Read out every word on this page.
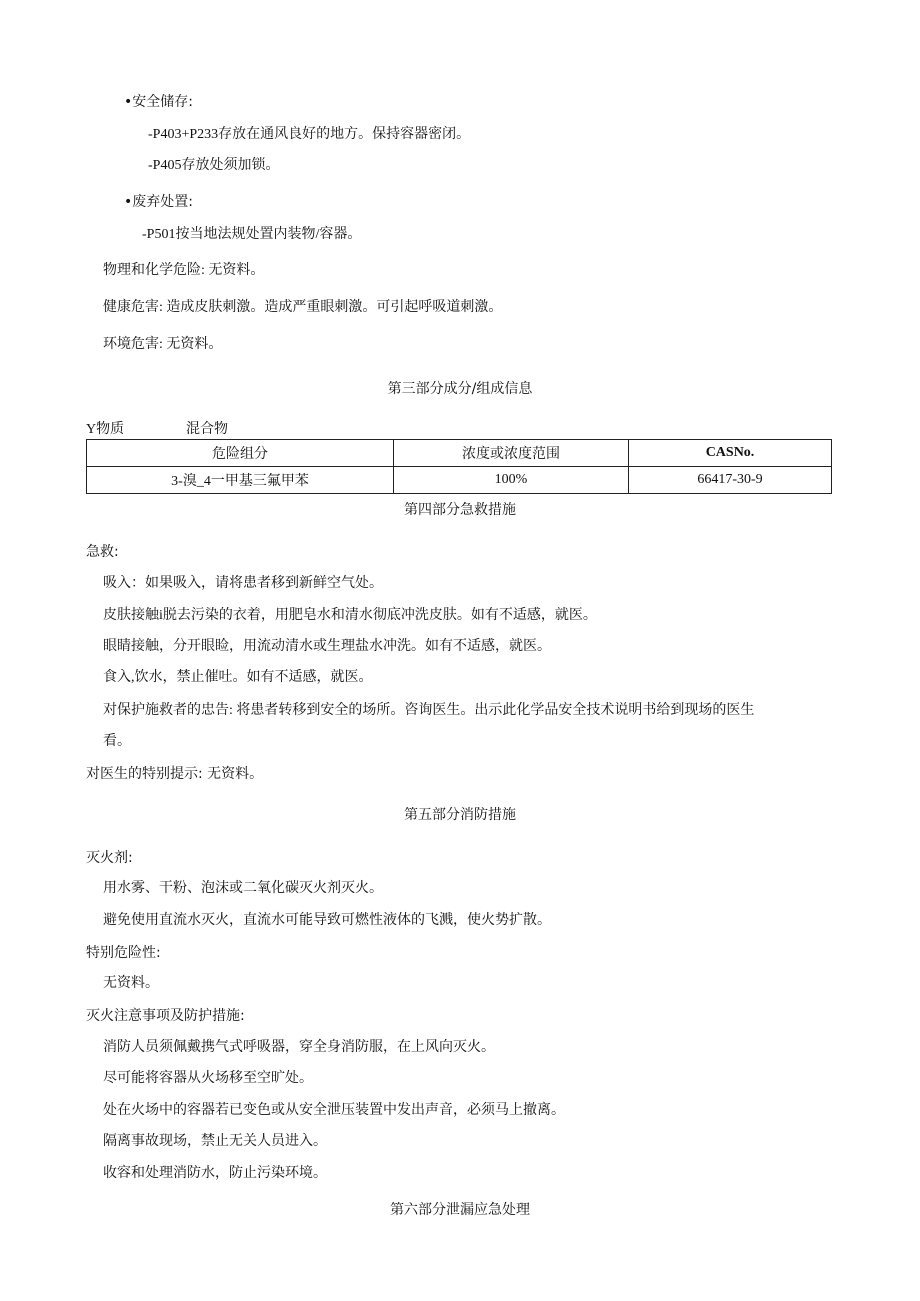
•安全储存:
-P403+P233存放在通风良好的地方。保持容器密闭。
-P405存放处须加锁。
•废弃处置:
-P501按当地法规处置内装物/容器。
物理和化学危险: 无资料。
健康危害: 造成皮肤刺激。造成严重眼刺激。可引起呼吸道刺激。
环境危害: 无资料。
第三部分成分/组成信息
Y物质	混合物
危险组分	浓度或浓度范围	CASNo.
3-溴_4一甲基三氟甲苯	100%	66417-30-9
第四部分急救措施
急救:
吸入：如果吸入，请将患者移到新鲜空气处。
皮肤接触i脱去污染的衣着，用肥皂水和清水彻底冲洗皮肤。如有不适感，就医。
眼睛接触，分开眼睑，用流动清水或生理盐水冲洗。如有不适感，就医。
食入,饮水，禁止催吐。如有不适感，就医。
对保护施救者的忠告: 将患者转移到安全的场所。咨询医生。出示此化学品安全技术说明书给到现场的医生
看。
对医生的特别提示: 无资料。
第五部分消防措施
灭火剂:
用水雾、干粉、泡沫或二氧化碳灭火剂灭火。
避免使用直流水灭火，直流水可能导致可燃性液体的飞溅，使火势扩散。
特别危险性:
无资料。
灭火注意事项及防护措施:
消防人员须佩戴携气式呼吸器，穿全身消防服，在上风向灭火。
尽可能将容器从火场移至空旷处。
处在火场中的容器若已变色或从安全泄压装置中发出声音，必须马上撤离。
隔离事故现场，禁止无关人员进入。
收容和处理消防水，防止污染环境。
第六部分泄漏应急处理
